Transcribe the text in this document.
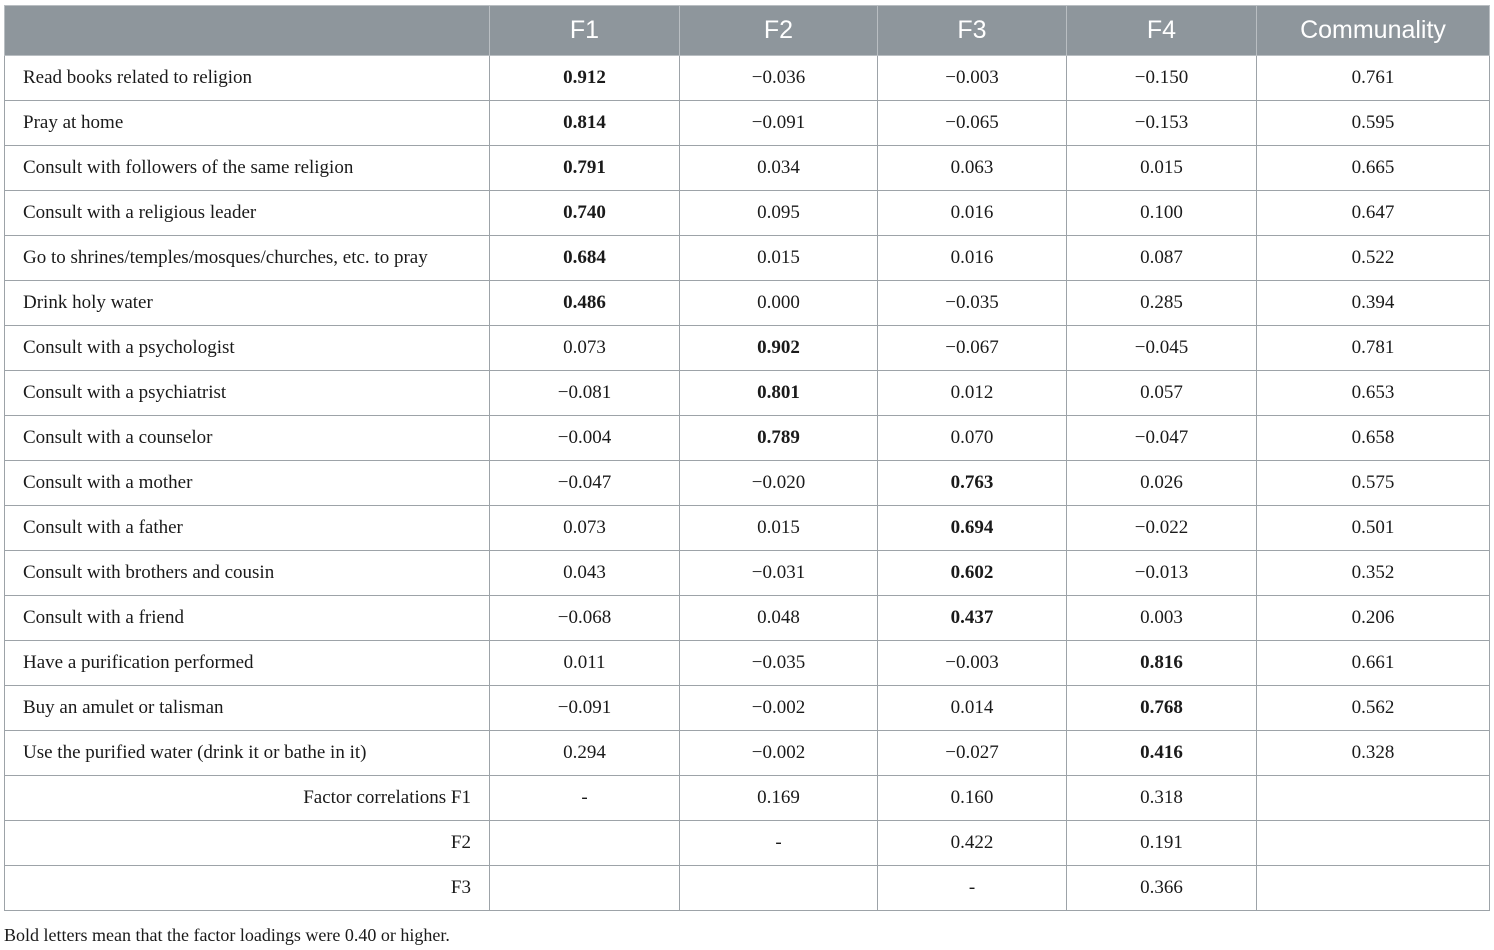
	F1	F2	F3	F4	Communality
Read books related to religion	0.912	−0.036	−0.003	−0.150	0.761
Pray at home	0.814	−0.091	−0.065	−0.153	0.595
Consult with followers of the same religion	0.791	0.034	0.063	0.015	0.665
Consult with a religious leader	0.740	0.095	0.016	0.100	0.647
Go to shrines/temples/mosques/churches, etc. to pray	0.684	0.015	0.016	0.087	0.522
Drink holy water	0.486	0.000	−0.035	0.285	0.394
Consult with a psychologist	0.073	0.902	−0.067	−0.045	0.781
Consult with a psychiatrist	−0.081	0.801	0.012	0.057	0.653
Consult with a counselor	−0.004	0.789	0.070	−0.047	0.658
Consult with a mother	−0.047	−0.020	0.763	0.026	0.575
Consult with a father	0.073	0.015	0.694	−0.022	0.501
Consult with brothers and cousin	0.043	−0.031	0.602	−0.013	0.352
Consult with a friend	−0.068	0.048	0.437	0.003	0.206
Have a purification performed	0.011	−0.035	−0.003	0.816	0.661
Buy an amulet or talisman	−0.091	−0.002	0.014	0.768	0.562
Use the purified water (drink it or bathe in it)	0.294	−0.002	−0.027	0.416	0.328
Factor correlations F1	-	0.169	0.160	0.318	
F2		-	0.422	0.191	
F3			-	0.366	
Bold letters mean that the factor loadings were 0.40 or higher.
